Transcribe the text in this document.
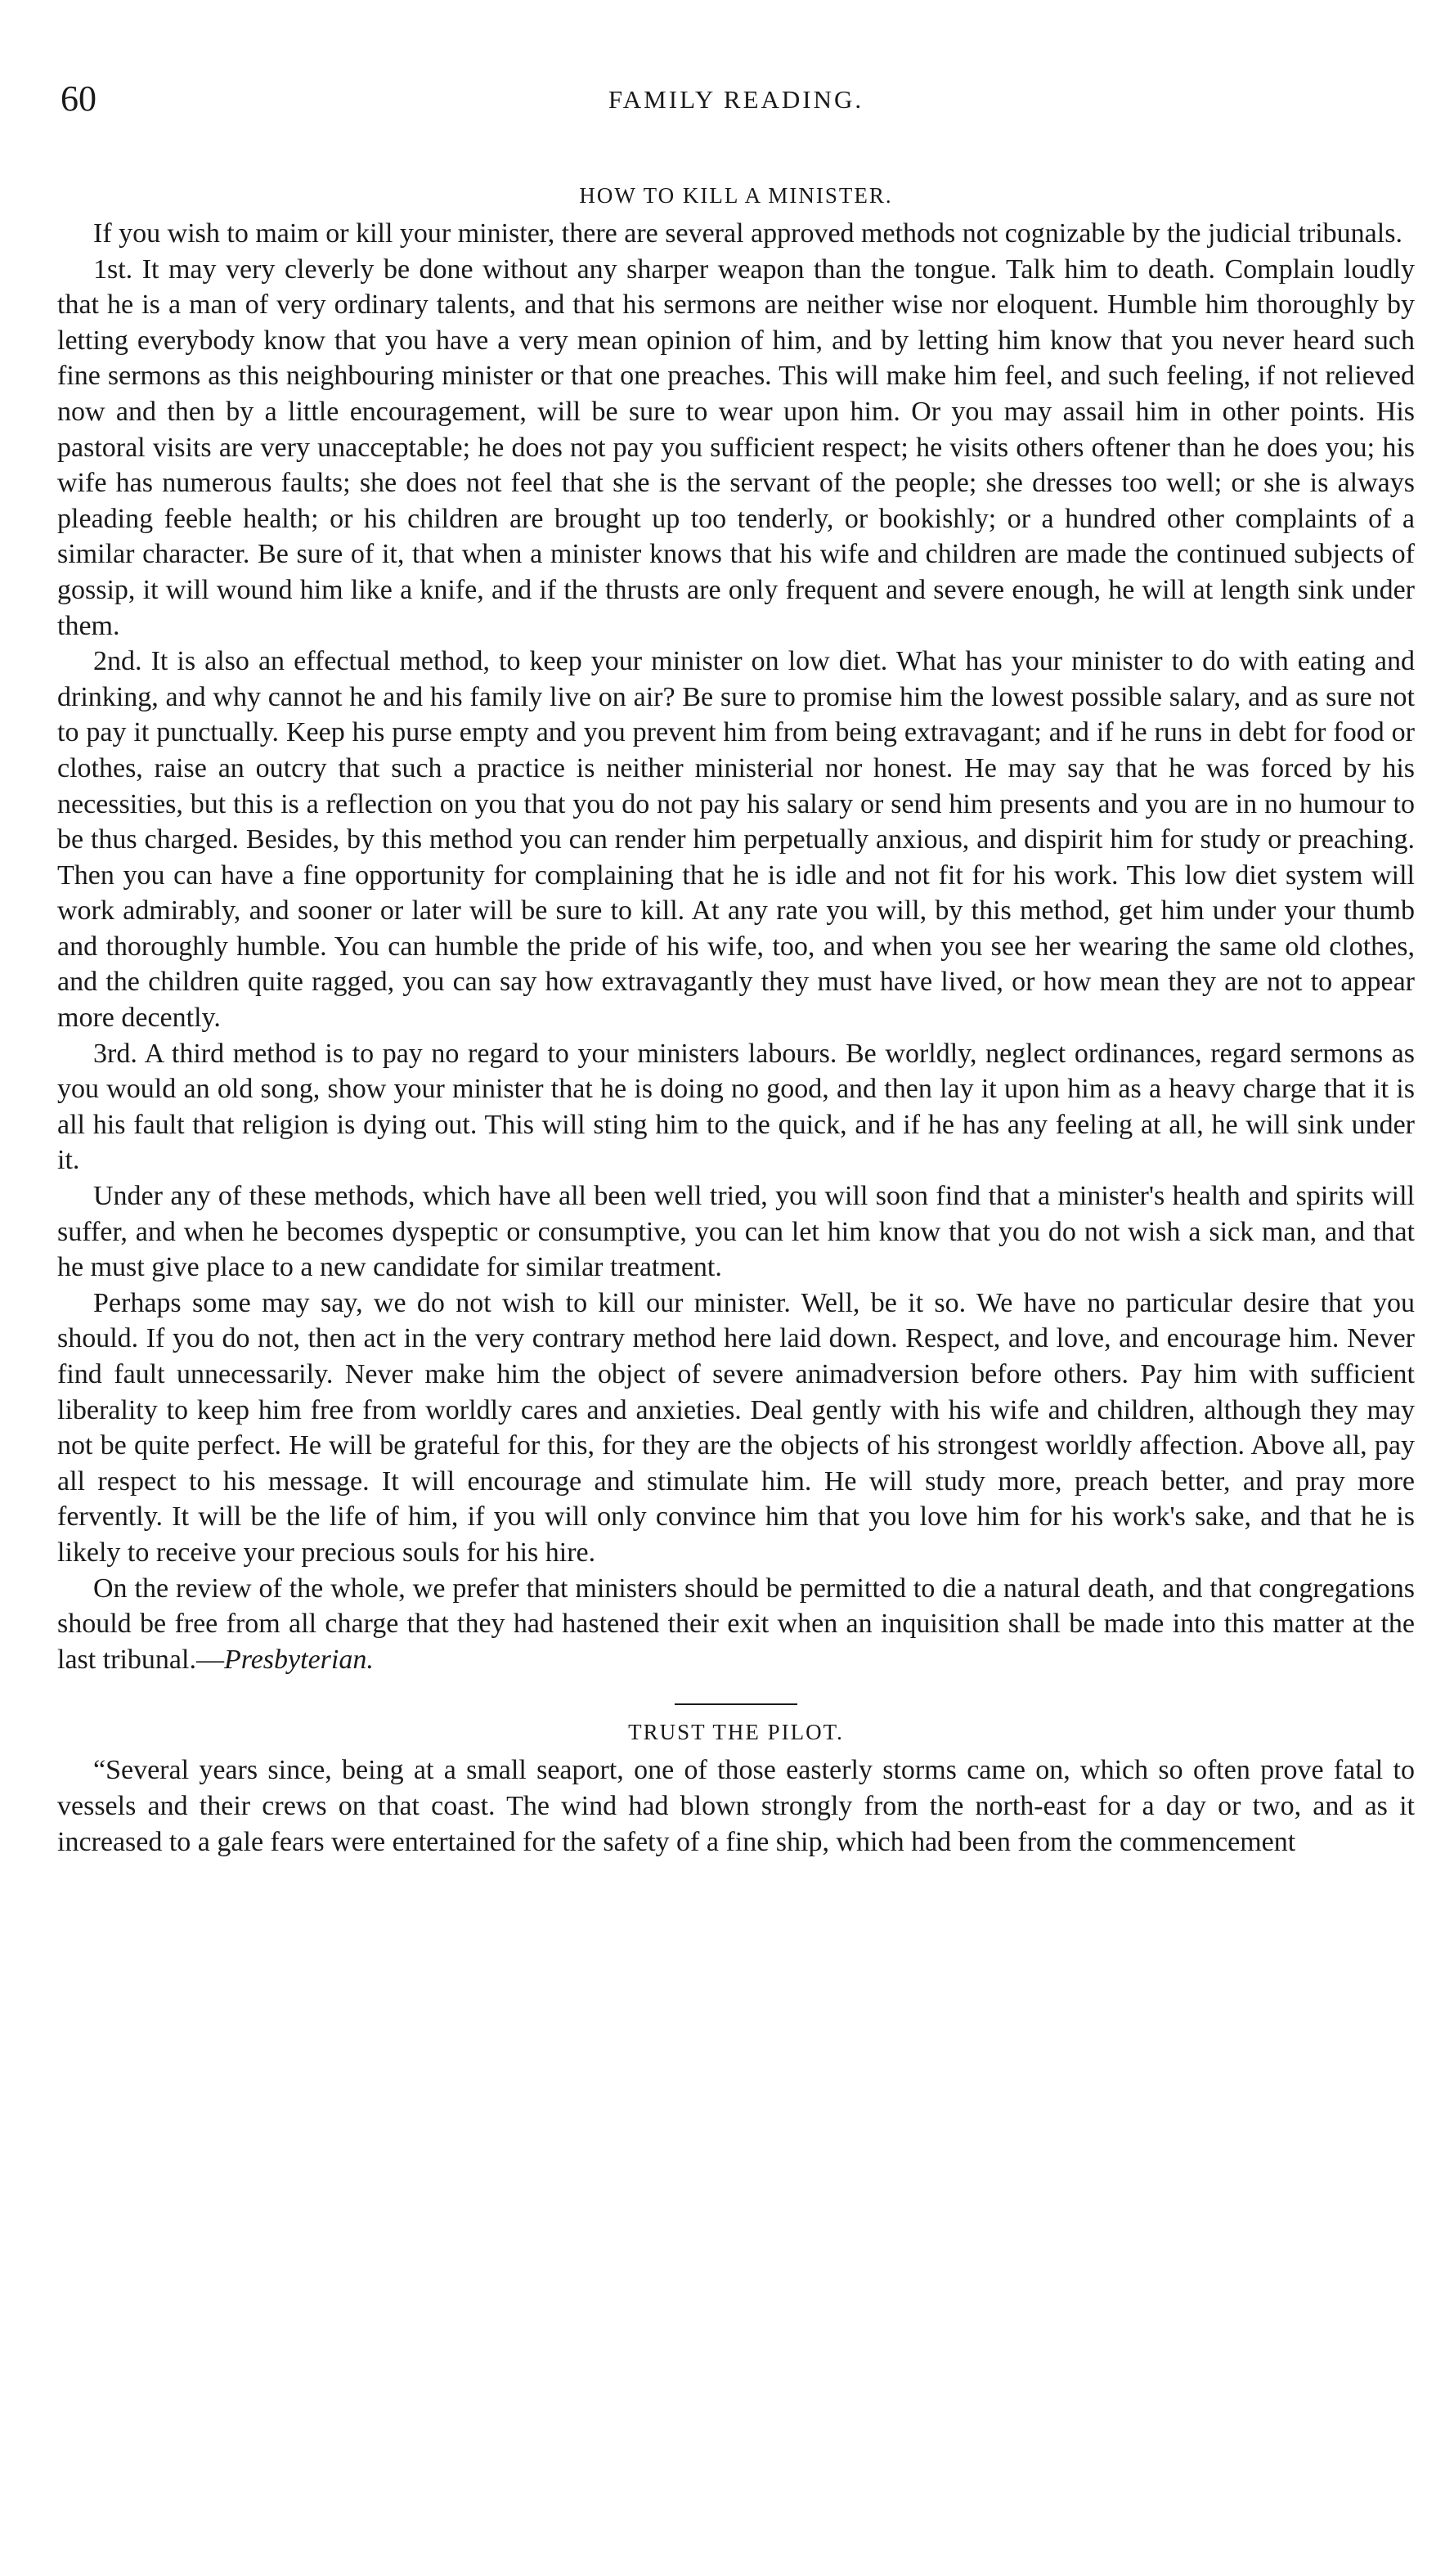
60	FAMILY READING.
HOW TO KILL A MINISTER.

If you wish to maim or kill your minister, there are several approved methods not cognizable by the judicial tribunals.

1st. It may very cleverly be done without any sharper weapon than the tongue. Talk him to death. Complain loudly that he is a man of very ordinary talents, and that his sermons are neither wise nor eloquent. Humble him thoroughly by letting everybody know that you have a very mean opinion of him, and by letting him know that you never heard such fine sermons as this neighbouring minister or that one preaches. This will make him feel, and such feeling, if not relieved now and then by a little encouragement, will be sure to wear upon him. Or you may assail him in other points. His pastoral visits are very unacceptable; he does not pay you sufficient respect; he visits others oftener than he does you; his wife has numerous faults; she does not feel that she is the servant of the people; she dresses too well; or she is always pleading feeble health; or his children are brought up too tenderly, or bookishly; or a hundred other complaints of a similar character. Be sure of it, that when a minister knows that his wife and children are made the continued subjects of gossip, it will wound him like a knife, and if the thrusts are only frequent and severe enough, he will at length sink under them.

2nd. It is also an effectual method, to keep your minister on low diet. What has your minister to do with eating and drinking, and why cannot he and his family live on air? Be sure to promise him the lowest possible salary, and as sure not to pay it punctually. Keep his purse empty and you prevent him from being extravagant; and if he runs in debt for food or clothes, raise an outcry that such a practice is neither ministerial nor honest. He may say that he was forced by his necessities, but this is a reflection on you that you do not pay his salary or send him presents and you are in no humour to be thus charged. Besides, by this method you can render him perpetually anxious, and dispirit him for study or preaching. Then you can have a fine opportunity for complaining that he is idle and not fit for his work. This low diet system will work admirably, and sooner or later will be sure to kill. At any rate you will, by this method, get him under your thumb and thoroughly humble. You can humble the pride of his wife, too, and when you see her wearing the same old clothes, and the children quite ragged, you can say how extravagantly they must have lived, or how mean they are not to appear more decently.

3rd. A third method is to pay no regard to your ministers labours. Be worldly, neglect ordinances, regard sermons as you would an old song, show your minister that he is doing no good, and then lay it upon him as a heavy charge that it is all his fault that religion is dying out. This will sting him to the quick, and if he has any feeling at all, he will sink under it.

Under any of these methods, which have all been well tried, you will soon find that a minister's health and spirits will suffer, and when he becomes dyspeptic or consumptive, you can let him know that you do not wish a sick man, and that he must give place to a new candidate for similar treatment.

Perhaps some may say, we do not wish to kill our minister. Well, be it so. We have no particular desire that you should. If you do not, then act in the very contrary method here laid down. Respect, and love, and encourage him. Never find fault unnecessarily. Never make him the object of severe animadversion before others. Pay him with sufficient liberality to keep him free from worldly cares and anxieties. Deal gently with his wife and children, although they may not be quite perfect. He will be grateful for this, for they are the objects of his strongest worldly affection. Above all, pay all respect to his message. It will encourage and stimulate him. He will study more, preach better, and pray more fervently. It will be the life of him, if you will only convince him that you love him for his work's sake, and that he is likely to receive your precious souls for his hire.

On the review of the whole, we prefer that ministers should be permitted to die a natural death, and that congregations should be free from all charge that they had hastened their exit when an inquisition shall be made into this matter at the last tribunal.—Presbyterian.

TRUST THE PILOT.

“Several years since, being at a small seaport, one of those easterly storms came on, which so often prove fatal to vessels and their crews on that coast. The wind had blown strongly from the north-east for a day or two, and as it increased to a gale fears were entertained for the safety of a fine ship, which had been from the commencement
